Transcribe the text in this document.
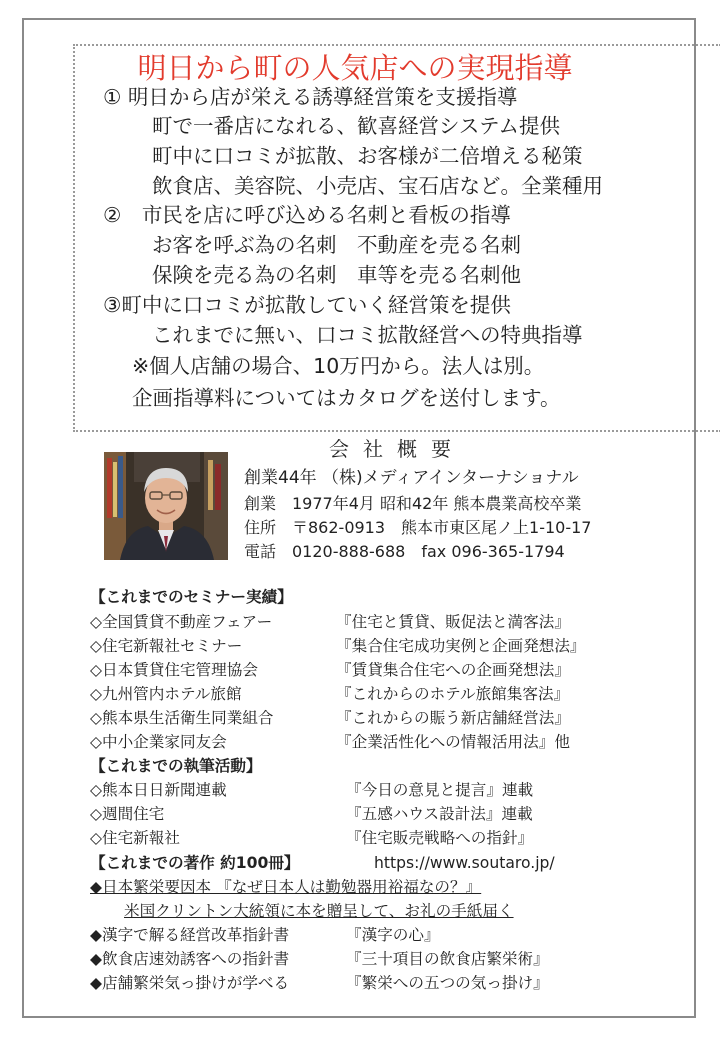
明日から町の人気店への実現指導
① 明日から店が栄える誘導経営策を支援指導
町で一番店になれる、歓喜経営システム提供
町中に口コミが拡散、お客様が二倍増える秘策
飲食店、美容院、小売店、宝石店など。全業種用
②　市民を店に呼び込める名刺と看板の指導
お客を呼ぶ為の名刺　不動産を売る名刺
保険を売る為の名刺　車等を売る名刺他
③町中に口コミが拡散していく経営策を提供
これまでに無い、口コミ拡散経営への特典指導
※個人店舗の場合、10万円から。法人は別。
企画指導料についてはカタログを送付します。
会社概要
創業44年 （株)メディアインターナショナル
創業　1977年4月 昭和42年 熊本農業高校卒業
住所　〒862-0913　熊本市東区尾ノ上1-10-17
電話　0120-888-688　fax 096-365-1794
【これまでのセミナー実績】
◇全国賃貸不動産フェアー	『住宅と賃貸、販促法と満客法』
◇住宅新報社セミナー	『集合住宅成功実例と企画発想法』
◇日本賃貸住宅管理協会	『賃貸集合住宅への企画発想法』
◇九州管内ホテル旅館	『これからのホテル旅館集客法』
◇熊本県生活衛生同業組合	『これからの賑う新店舗経営法』
◇中小企業家同友会	『企業活性化への情報活用法』他
【これまでの執筆活動】
◇熊本日日新聞連載	『今日の意見と提言』連載
◇週間住宅	『五感ハウス設計法』連載
◇住宅新報社	『住宅販売戦略への指針』
【これまでの著作 約100冊】	https://www.soutaro.jp/
◆日本繁栄要因本 『なぜ日本人は勤勉器用裕福なの？』
米国クリントン大統領に本を贈呈して、お礼の手紙届く
◆漢字で解る経営改革指針書	『漢字の心』
◆飲食店速効誘客への指針書	『三十項目の飲食店繁栄術』
◆店舗繁栄気っ掛けが学べる	『繁栄への五つの気っ掛け』
